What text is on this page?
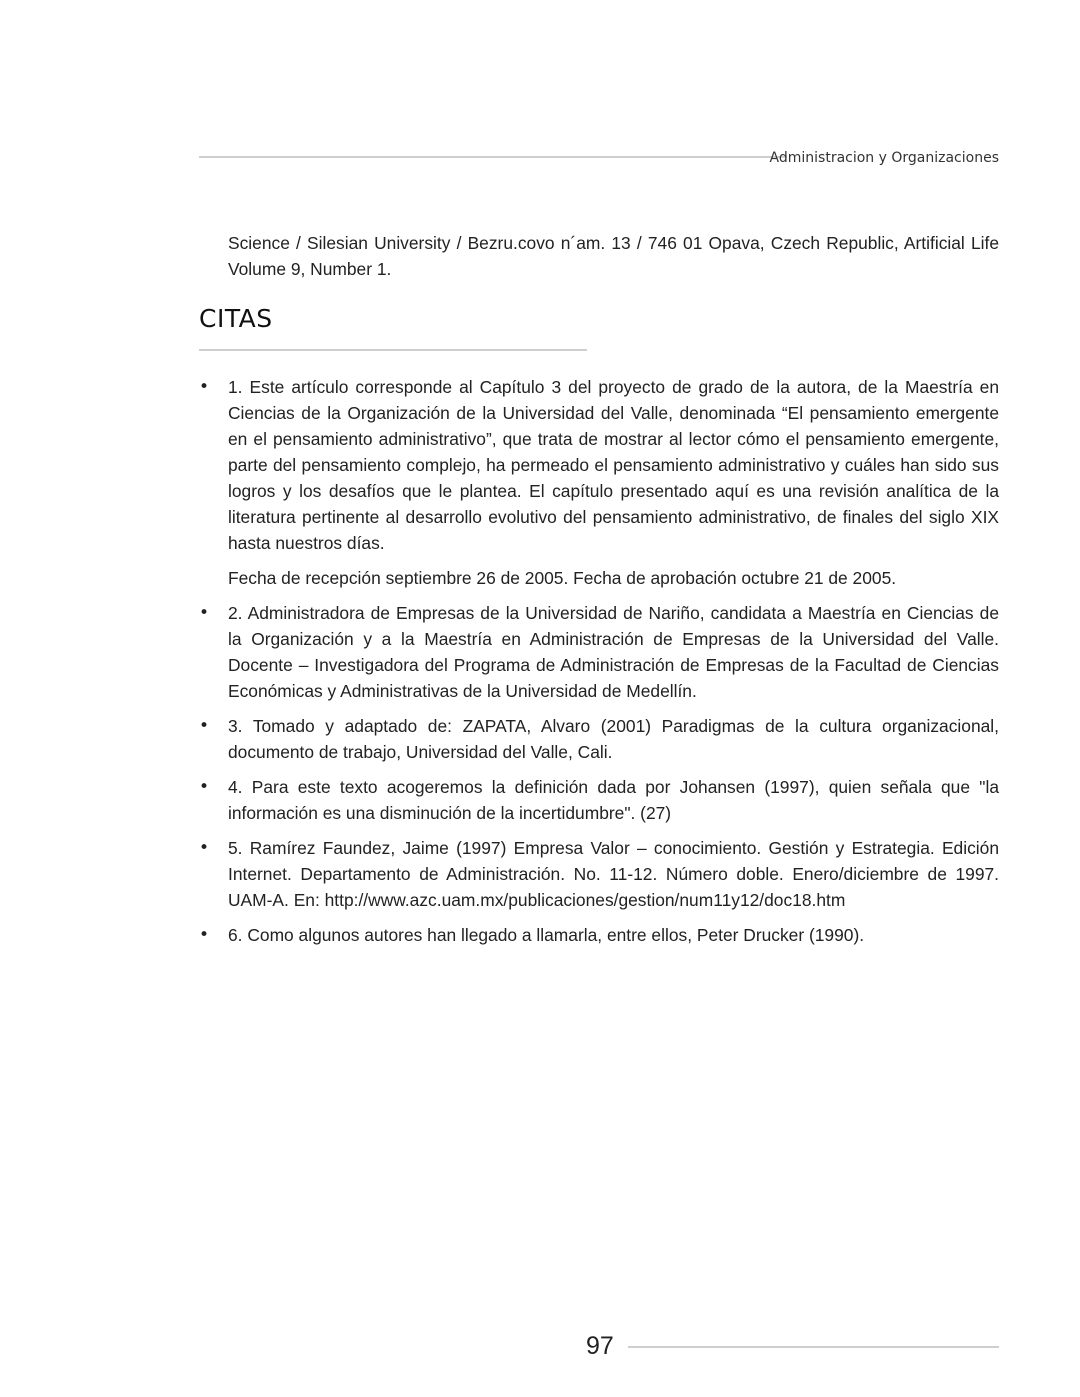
Administracion y Organizaciones

Science / Silesian University / Bezru.covo n´am. 13 / 746 01 Opava, Czech Republic, Artificial Life Volume 9, Number 1.

CITAS
• 1. Este artículo corresponde al Capítulo 3 del proyecto de grado de la autora, de la Maestría en Ciencias de la Organización de la Universidad del Valle, denominada “El pensamiento emergente en el pensamiento administrativo”, que trata de mostrar al lector cómo el pensamiento emergente, parte del pensamiento complejo, ha permeado el pensamiento administrativo y cuáles han sido sus logros y los desafíos que le plantea. El capítulo presentado aquí es una revisión analítica de la literatura pertinente al desarrollo evolutivo del pensamiento administrativo, de finales del siglo XIX hasta nuestros días.

Fecha de recepción septiembre 26 de 2005. Fecha de aprobación octubre 21 de 2005.

• 2. Administradora de Empresas de la Universidad de Nariño, candidata a Maestría en Ciencias de la Organización y a la Maestría en Administración de Empresas de la Universidad del Valle. Docente – Investigadora del Programa de Administración de Empresas de la Facultad de Ciencias Económicas y Administrativas de la Universidad de Medellín.

• 3. Tomado y adaptado de: ZAPATA, Alvaro (2001) Paradigmas de la cultura organizacional, documento de trabajo, Universidad del Valle, Cali.

• 4. Para este texto acogeremos la definición dada por Johansen (1997), quien señala que "la información es una disminución de la incertidumbre". (27)

• 5. Ramírez Faundez, Jaime (1997) Empresa Valor – conocimiento. Gestión y Estrategia. Edición Internet. Departamento de Administración. No. 11-12. Número doble. Enero/diciembre de 1997. UAM-A. En: http://www.azc.uam.mx/publicaciones/gestion/num11y12/doc18.htm

• 6. Como algunos autores han llegado a llamarla, entre ellos, Peter Drucker (1990).

97
